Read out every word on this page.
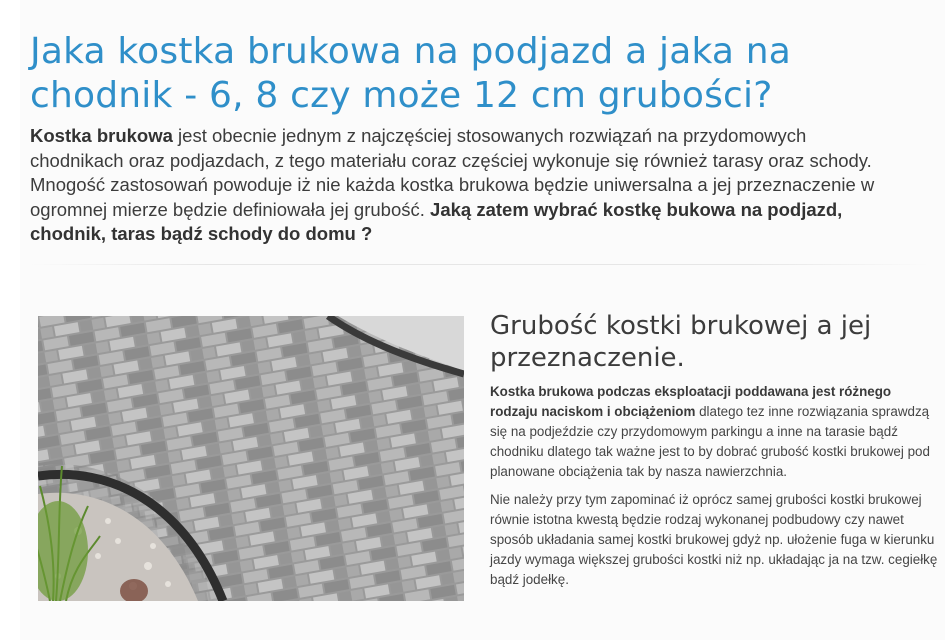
Jaka kostka brukowa na podjazd a jaka na chodnik - 6, 8 czy może 12 cm grubości?

Kostka brukowa jest obecnie jednym z najczęściej stosowanych rozwiązań na przydomowych chodnikach oraz podjazdach, z tego materiału coraz częściej wykonuje się również tarasy oraz schody. Mnogość zastosowań powoduje iż nie każda kostka brukowa będzie uniwersalna a jej przeznaczenie w ogromnej mierze będzie definiowała jej grubość. Jaką zatem wybrać kostkę bukowa na podjazd, chodnik, taras bądź schody do domu ?

Grubość kostki brukowej a jej przeznaczenie.

Kostka brukowa podczas eksploatacji poddawana jest różnego rodzaju naciskom i obciążeniom dlatego tez inne rozwiązania sprawdzą się na podjeździe czy przydomowym parkingu a inne na tarasie bądź chodniku dlatego tak ważne jest to by dobrać grubość kostki brukowej pod planowane obciążenia tak by nasza nawierzchnia.

Nie należy przy tym zapominać iż oprócz samej grubości kostki brukowej równie istotna kwestą będzie rodzaj wykonanej podbudowy czy nawet sposób układania samej kostki brukowej gdyż np. ułożenie fuga w kierunku jazdy wymaga większej grubości kostki niż np. układając ja na tzw. cegiełkę bądź jodełkę.
